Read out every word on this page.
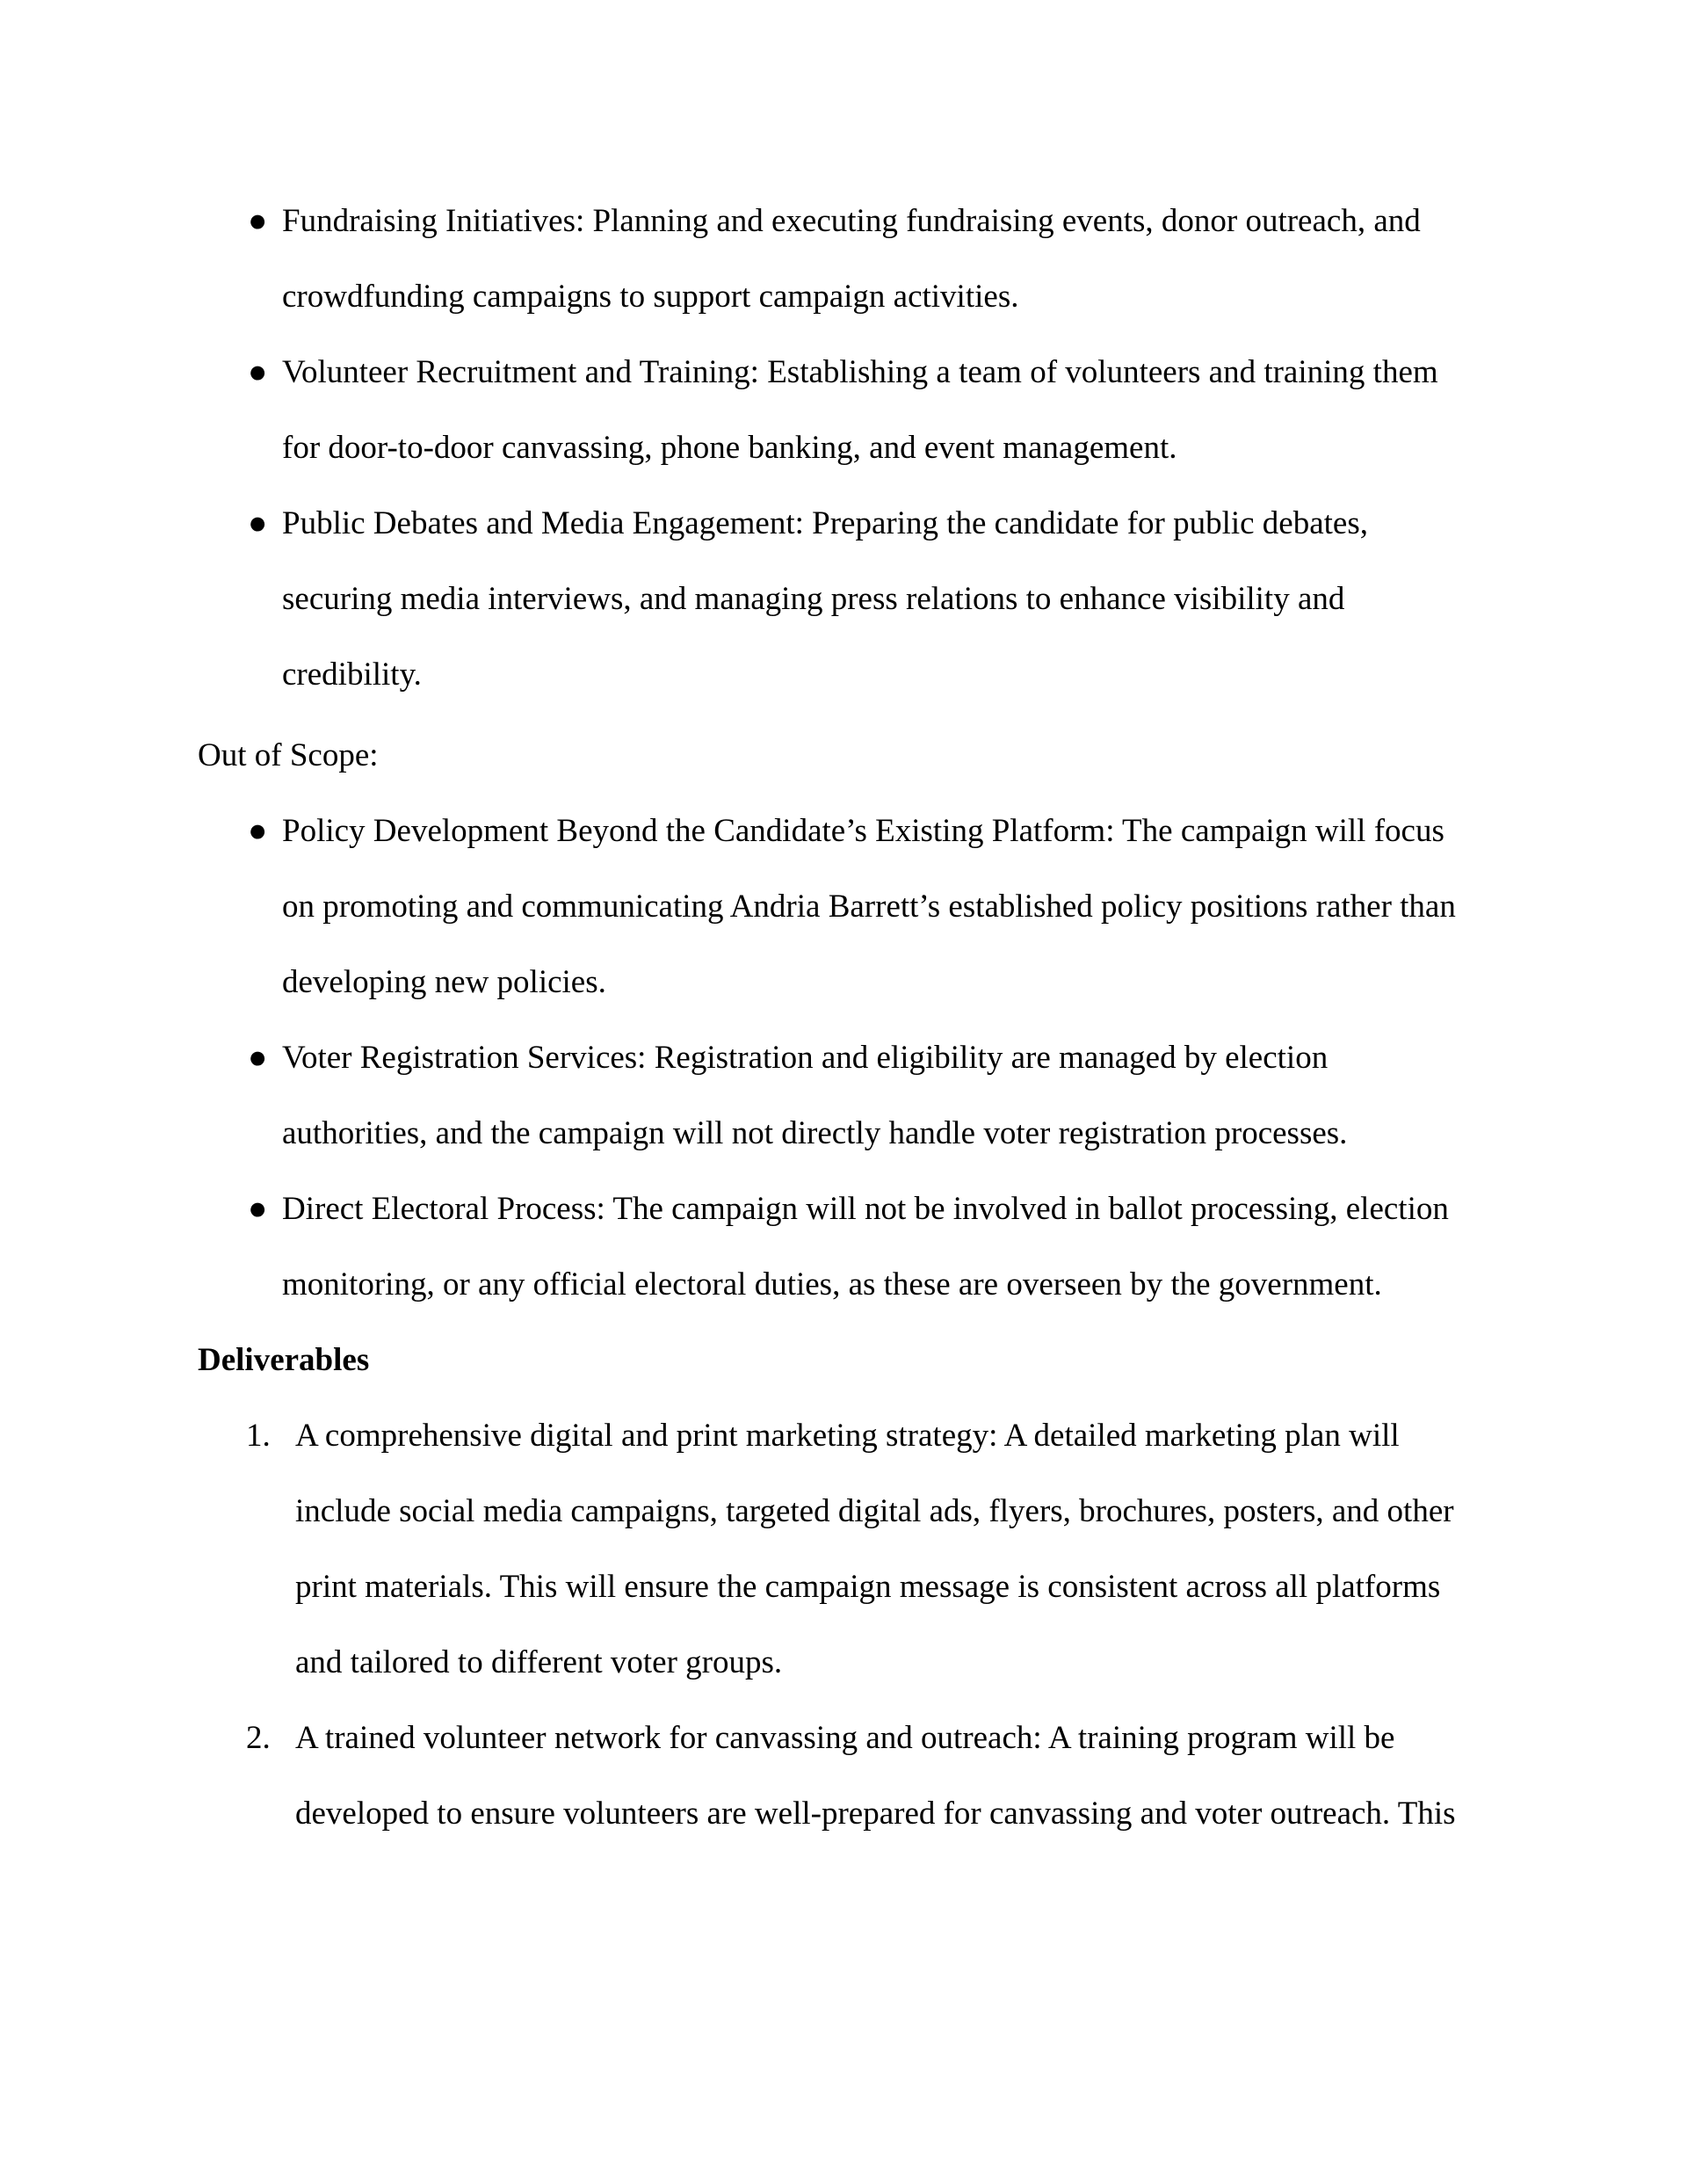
● Fundraising Initiatives: Planning and executing fundraising events, donor outreach, and
crowdfunding campaigns to support campaign activities.
● Volunteer Recruitment and Training: Establishing a team of volunteers and training them
for door-to-door canvassing, phone banking, and event management.
● Public Debates and Media Engagement: Preparing the candidate for public debates,
securing media interviews, and managing press relations to enhance visibility and
credibility.
Out of Scope:
● Policy Development Beyond the Candidate’s Existing Platform: The campaign will focus
on promoting and communicating Andria Barrett’s established policy positions rather than
developing new policies.
● Voter Registration Services: Registration and eligibility are managed by election
authorities, and the campaign will not directly handle voter registration processes.
● Direct Electoral Process: The campaign will not be involved in ballot processing, election
monitoring, or any official electoral duties, as these are overseen by the government.
Deliverables
1. A comprehensive digital and print marketing strategy: A detailed marketing plan will
include social media campaigns, targeted digital ads, flyers, brochures, posters, and other
print materials. This will ensure the campaign message is consistent across all platforms
and tailored to different voter groups.
2. A trained volunteer network for canvassing and outreach: A training program will be
developed to ensure volunteers are well-prepared for canvassing and voter outreach. This
